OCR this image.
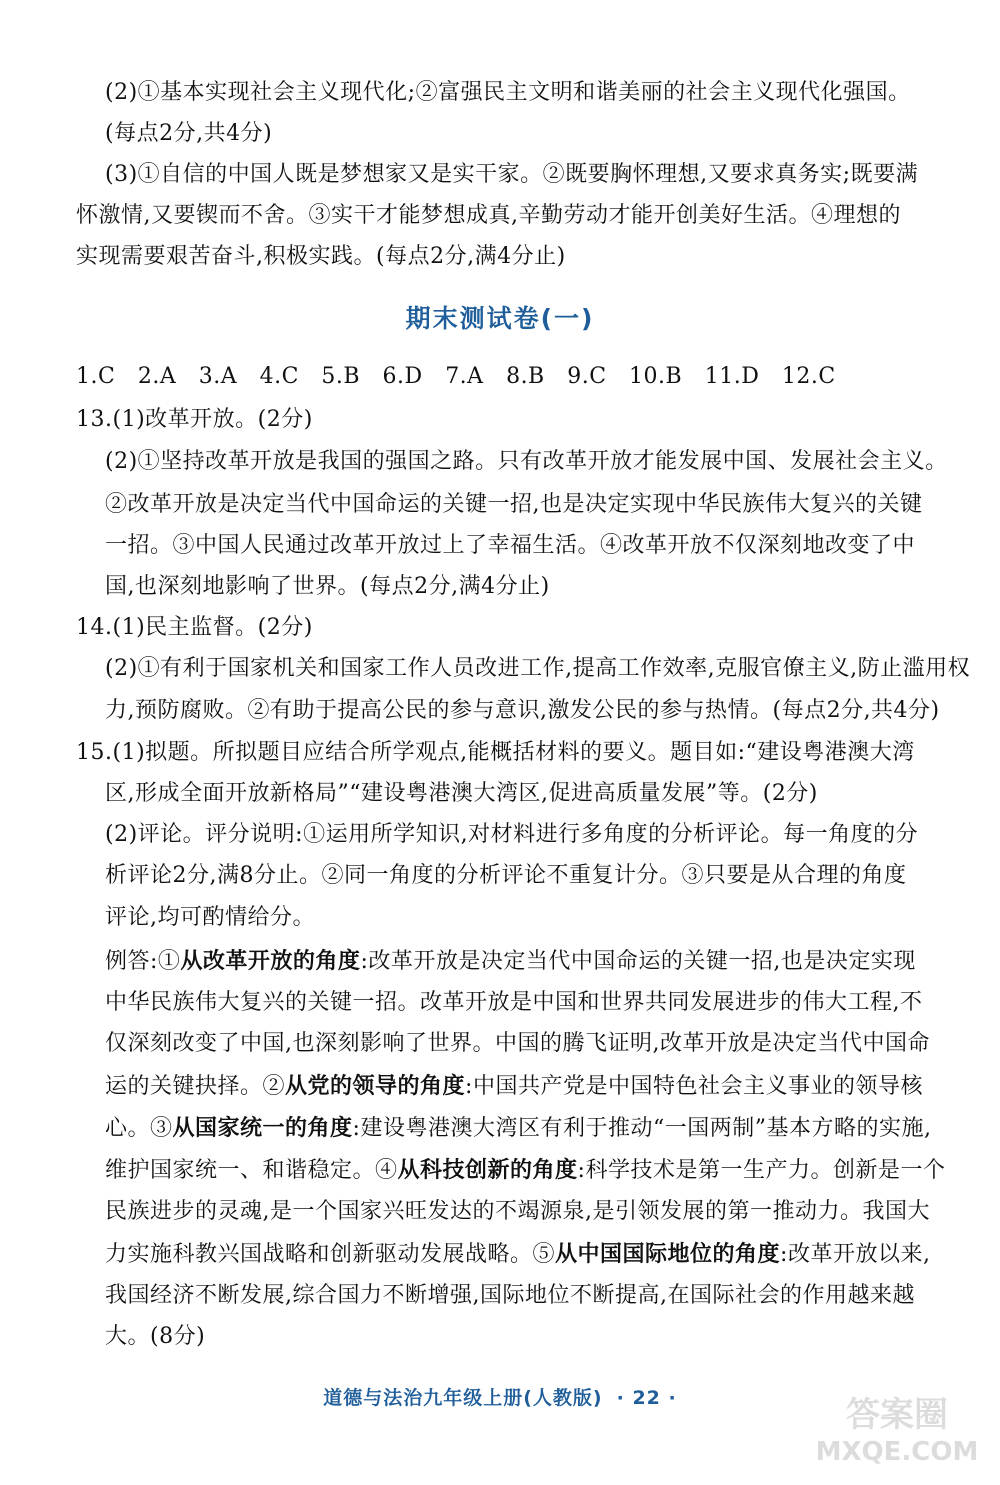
(2)①基本实现社会主义现代化;②富强民主文明和谐美丽的社会主义现代化强国。
(每点2分,共4分)
(3)①自信的中国人既是梦想家又是实干家。②既要胸怀理想,又要求真务实;既要满
怀激情,又要锲而不舍。③实干才能梦想成真,辛勤劳动才能开创美好生活。④理想的
实现需要艰苦奋斗,积极实践。(每点2分,满4分止)
期末测试卷(一)
1.C　2.A　3.A　4.C　5.B　6.D　7.A　8.B　9.C　10.B　11.D　12.C
13.(1)改革开放。(2分)
(2)①坚持改革开放是我国的强国之路。只有改革开放才能发展中国、发展社会主义。
②改革开放是决定当代中国命运的关键一招,也是决定实现中华民族伟大复兴的关键
一招。③中国人民通过改革开放过上了幸福生活。④改革开放不仅深刻地改变了中
国,也深刻地影响了世界。(每点2分,满4分止)
14.(1)民主监督。(2分)
(2)①有利于国家机关和国家工作人员改进工作,提高工作效率,克服官僚主义,防止滥用权
力,预防腐败。②有助于提高公民的参与意识,激发公民的参与热情。(每点2分,共4分)
15.(1)拟题。所拟题目应结合所学观点,能概括材料的要义。题目如:“建设粤港澳大湾
区,形成全面开放新格局”“建设粤港澳大湾区,促进高质量发展”等。(2分)
(2)评论。评分说明:①运用所学知识,对材料进行多角度的分析评论。每一角度的分
析评论2分,满8分止。②同一角度的分析评论不重复计分。③只要是从合理的角度
评论,均可酌情给分。
例答:①从改革开放的角度:改革开放是决定当代中国命运的关键一招,也是决定实现
中华民族伟大复兴的关键一招。改革开放是中国和世界共同发展进步的伟大工程,不
仅深刻改变了中国,也深刻影响了世界。中国的腾飞证明,改革开放是决定当代中国命
运的关键抉择。②从党的领导的角度:中国共产党是中国特色社会主义事业的领导核
心。③从国家统一的角度:建设粤港澳大湾区有利于推动“一国两制”基本方略的实施,
维护国家统一、和谐稳定。④从科技创新的角度:科学技术是第一生产力。创新是一个
民族进步的灵魂,是一个国家兴旺发达的不竭源泉,是引领发展的第一推动力。我国大
力实施科教兴国战略和创新驱动发展战略。⑤从中国国际地位的角度:改革开放以来,
我国经济不断发展,综合国力不断增强,国际地位不断提高,在国际社会的作用越来越
大。(8分)
道德与法治九年级上册(人教版) · 22 ·	答案圈
MXQE.COM
